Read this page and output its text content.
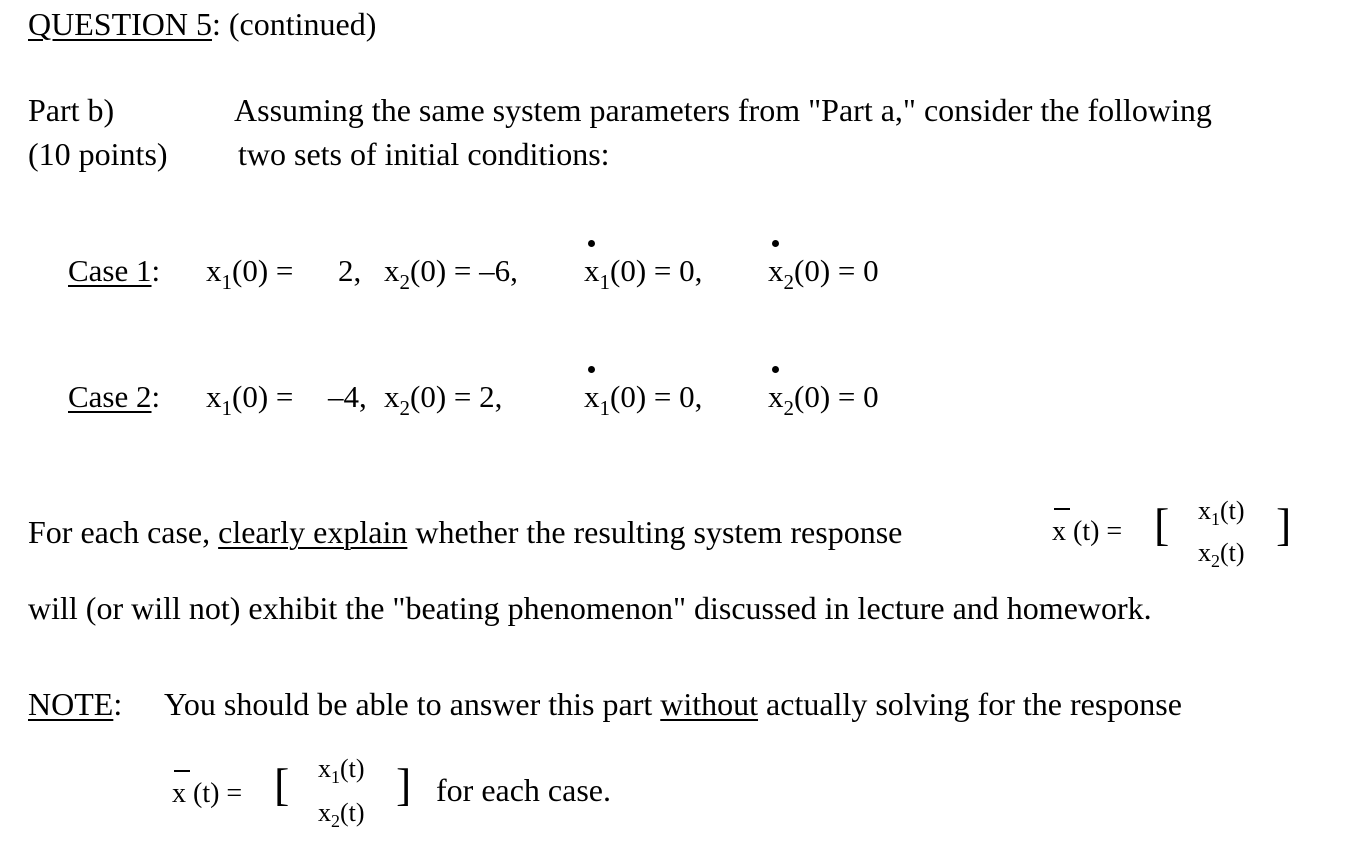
QUESTION 5: (continued)
Part b)
(10 points)
Assuming the same system parameters from "Part a," consider the following
two sets of initial conditions:
Case 1: $x_1(0) = 2$, $x_2(0)$ = ‒6, $x_1(0) = 0$, $x_2(0) = 0$
Case 2: $x_1(0)$ = ‒4, $x_2(0) = 2$,	$x_1(0) = 0$, $x_2(0) = 0$
For each case, clearly explain whether the resulting system response	x (t) = [ $x_1(t)$
$x_2(t)$
]
will (or will not) exhibit the "beating phenomenon" discussed in lecture and homework.
NOTE: You should be able to answer this part without actually solving for the response
x (t) = [ $x_1(t)$
$x_2(t)$
] for each case.
